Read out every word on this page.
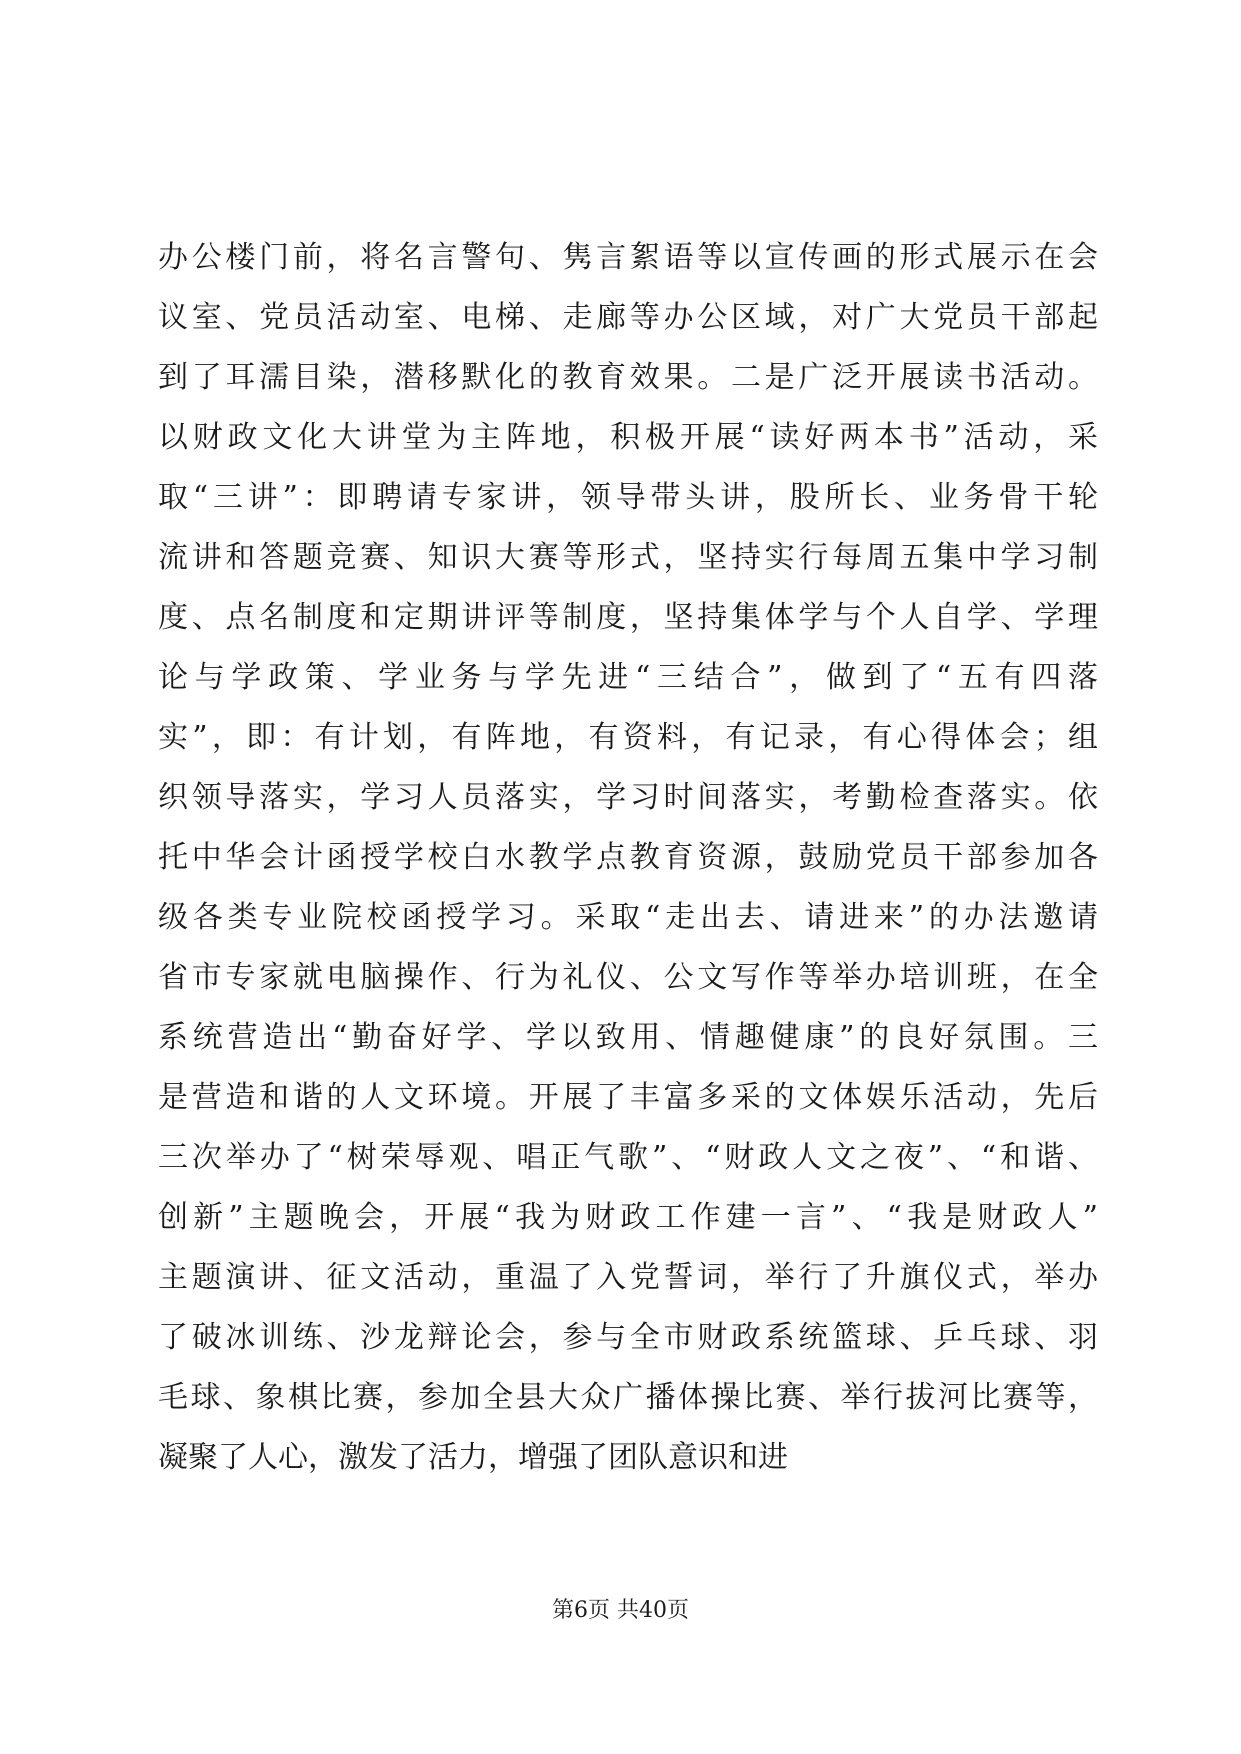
办公楼门前，将名言警句、隽言絮语等以宣传画的形式展示在会
议室、党员活动室、电梯、走廊等办公区域，对广大党员干部起
到了耳濡目染，潜移默化的教育效果。二是广泛开展读书活动。
以财政文化大讲堂为主阵地，积极开展“读好两本书”活动，采
取“三讲”：即聘请专家讲，领导带头讲，股所长、业务骨干轮
流讲和答题竞赛、知识大赛等形式，坚持实行每周五集中学习制
度、点名制度和定期讲评等制度，坚持集体学与个人自学、学理
论与学政策、学业务与学先进“三结合”，做到了“五有四落
实”，即：有计划，有阵地，有资料，有记录，有心得体会；组
织领导落实，学习人员落实，学习时间落实，考勤检查落实。依
托中华会计函授学校白水教学点教育资源，鼓励党员干部参加各
级各类专业院校函授学习。采取“走出去、请进来”的办法邀请
省市专家就电脑操作、行为礼仪、公文写作等举办培训班，在全
系统营造出“勤奋好学、学以致用、情趣健康”的良好氛围。三
是营造和谐的人文环境。开展了丰富多采的文体娱乐活动，先后
三次举办了“树荣辱观、唱正气歌”、“财政人文之夜”、“和谐、
创新”主题晚会，开展“我为财政工作建一言”、“我是财政人”
主题演讲、征文活动，重温了入党誓词，举行了升旗仪式，举办
了破冰训练、沙龙辩论会，参与全市财政系统篮球、乒乓球、羽
毛球、象棋比赛，参加全县大众广播体操比赛、举行拔河比赛等，
凝聚了人心，激发了活力，增强了团队意识和进
第6页 共40页
